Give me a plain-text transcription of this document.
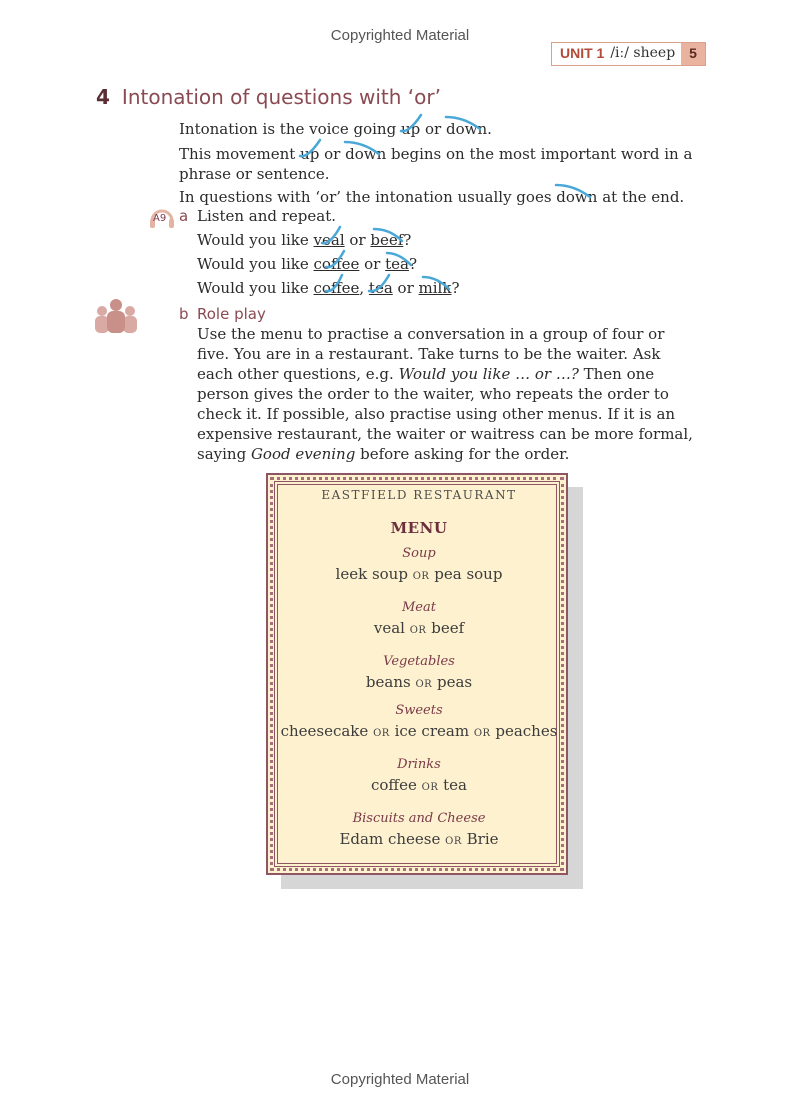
Copyrighted Material
UNIT 1 /iː/ sheep	5
4 Intonation of questions with ‘or’
Intonation is the voice going up
or down
.
This movement up
or down
begins on the most important word in a
phrase or sentence.
In questions with ‘or’ the intonation usually goes down
at the end.
A9 a Listen and repeat.
Would you like veal
or beef
?
Would you like coffee
or tea
?
Would you like coffee
, tea
or milk
?
b Role play
Use the menu to practise a conversation in a group of four or five. You are in a restaurant. Take turns to be the waiter. Ask each other questions, e.g. Would you like … or …? Then one person gives the order to the waiter, who repeats the order to check it. If possible, also practise using other menus. If it is an expensive restaurant, the waiter or waitress can be more formal, saying Good evening before asking for the order.
EASTFIELD RESTAURANT
MENU
Soup
leek soup OR pea soup
Meat
veal OR beef
Vegetables
beans OR peas
Sweets
cheesecake OR ice cream OR peaches
Drinks
coffee OR tea
Biscuits and Cheese
Edam cheese OR Brie
Copyrighted Material
